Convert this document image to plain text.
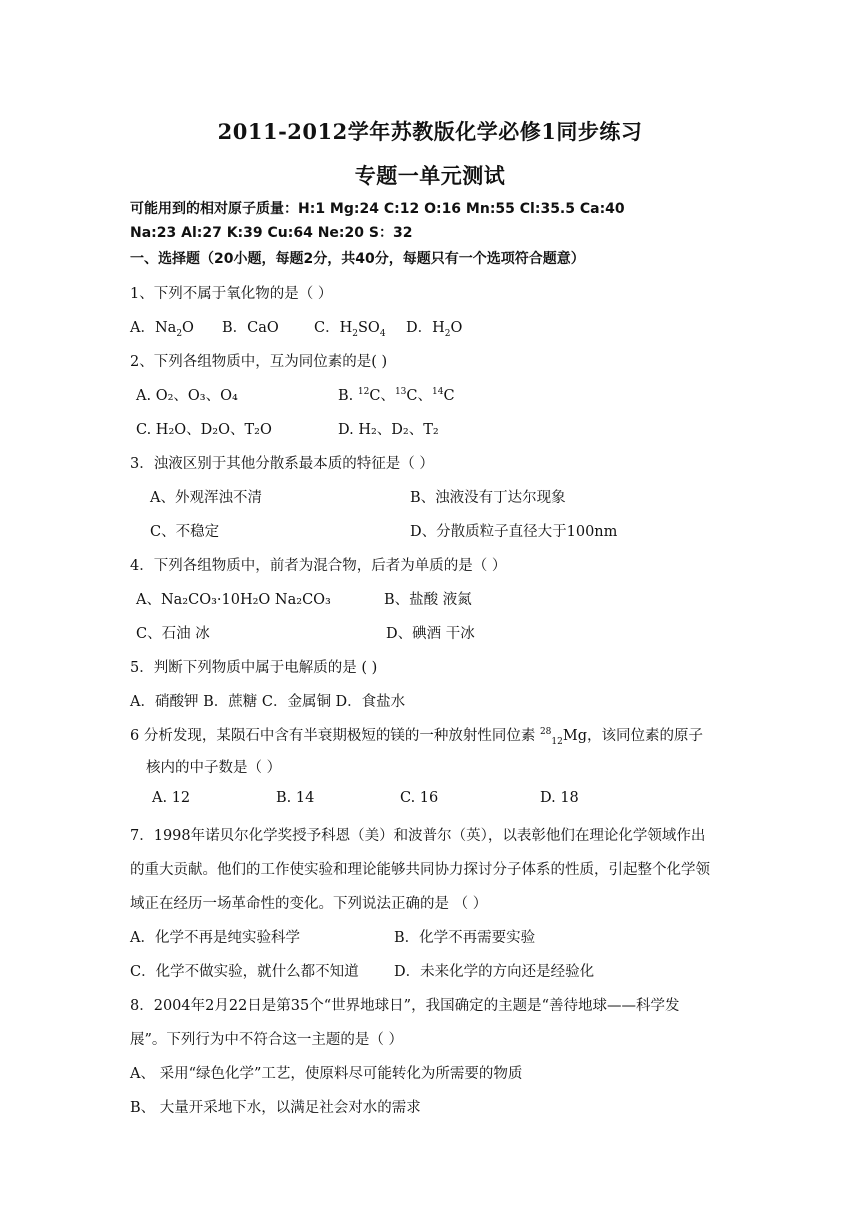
2011-2012学年苏教版化学必修1同步练习
专题一单元测试
可能用到的相对原子质量：H:1 Mg:24 C:12 O:16 Mn:55 Cl:35.5 Ca:40
Na:23 Al:27 K:39 Cu:64 Ne:20 S：32
一、选择题（20小题，每题2分，共40分，每题只有一个选项符合题意）
1、下列不属于氧化物的是（ ）
A．$Na_2O$ B．CaO C．$H_2SO_4$ D．$H_2O$
2、下列各组物质中，互为同位素的是( )
A. O₂、O₃、O₄	B. $^{12}$C、$^{13}$C、$^{14}$C
C. H₂O、D₂O、T₂O	D. H₂、D₂、T₂
3．浊液区别于其他分散系最本质的特征是（ ）
A、外观浑浊不清	B、浊液没有丁达尔现象
C、不稳定	D、分散质粒子直径大于100nm
4．下列各组物质中，前者为混合物，后者为单质的是（ ）
A、Na₂CO₃·10H₂O Na₂CO₃	B、盐酸 液氮
C、石油 冰	D、碘酒 干冰
5．判断下列物质中属于电解质的是 ( )
A．硝酸钾 B．蔗糖 C．金属铜 D．食盐水
6 分析发现，某陨石中含有半衰期极短的镁的一种放射性同位素 $^{28}_{12}$Mg，该同位素的原子
核内的中子数是（ ）
A. 12	B. 14	C. 16	D. 18
7．1998年诺贝尔化学奖授予科恩（美）和波普尔（英），以表彰他们在理论化学领域作出
的重大贡献。他们的工作使实验和理论能够共同协力探讨分子体系的性质，引起整个化学领
域正在经历一场革命性的变化。下列说法正确的是 （ ）
A．化学不再是纯实验科学	B．化学不再需要实验
C．化学不做实验，就什么都不知道 D．未来化学的方向还是经验化
8．2004年2月22日是第35个“世界地球日”，我国确定的主题是“善待地球——科学发
展”。下列行为中不符合这一主题的是（ ）
A、 采用“绿色化学”工艺，使原料尽可能转化为所需要的物质
B、 大量开采地下水，以满足社会对水的需求
